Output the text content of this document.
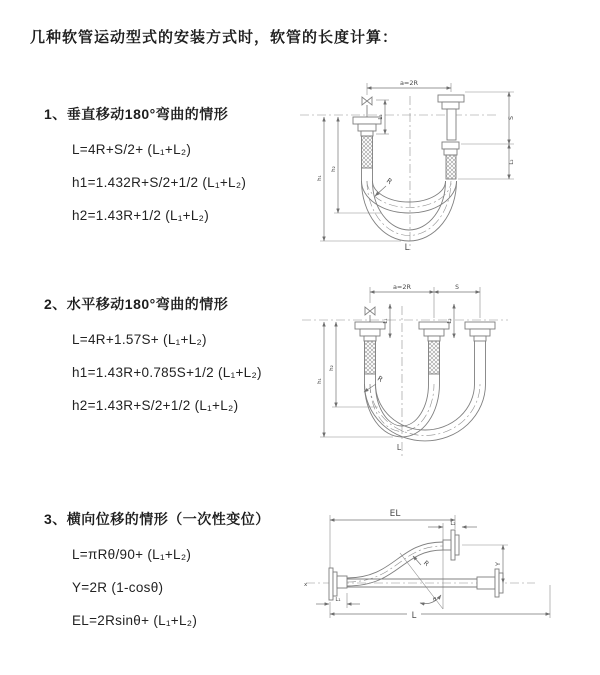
几种软管运动型式的安装方式时，软管的长度计算：
1、垂直移动180°弯曲的情形
L=4R+S/2+ (L₁+L₂)
h1=1.432R+S/2+1/2 (L₁+L₂)
h2=1.43R+1/2 (L₁+L₂)
2、水平移动180°弯曲的情形
L=4R+1.57S+ (L₁+L₂)
h1=1.43R+0.785S+1/2 (L₁+L₂)
h2=1.43R+S/2+1/2 (L₁+L₂)
3、横向位移的情形（一次性变位）
L=πRθ/90+ (L₁+L₂)
Y=2R (1-cosθ)
EL=2Rsinθ+ (L₁+L₂)
a=2R
L₁	S
L₂
h₁
h₂
R
L
a=2R	S
L₁	L₂
h₁
h₂
R
L
x
EL
L₂
Y
θ
R
L₁
L
